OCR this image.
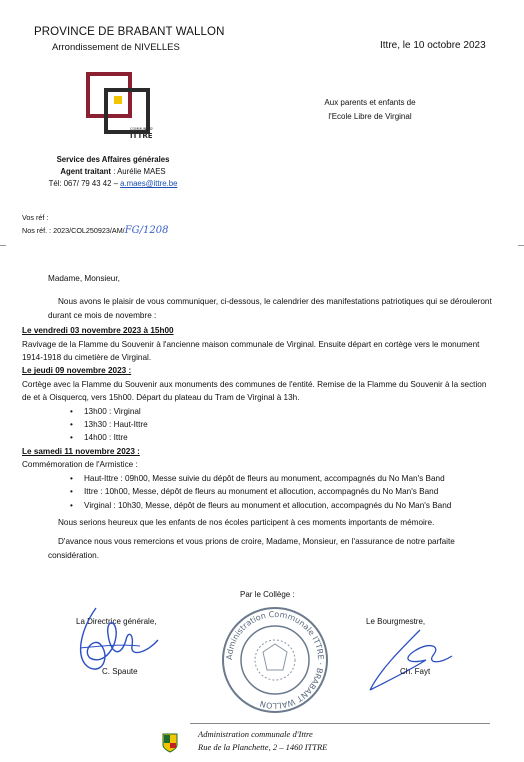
PROVINCE DE BRABANT WALLON
Arrondissement de NIVELLES	Ittre, le 10 octobre 2023
COMMUNE D'
ITTRE
Aux parents et enfants de
l'Ecole Libre de Virginal
Service des Affaires générales
Agent traitant : Aurélie MAES
Tél: 067/ 79 43 42 – a.maes@ittre.be
Vos réf :
Nos réf. : 2023/COL250923/AM/FG/1208

Madame, Monsieur,

Nous avons le plaisir de vous communiquer, ci-dessous, le calendrier des manifestations patriotiques qui se dérouleront durant ce mois de novembre :

Le vendredi 03 novembre 2023 à 15h00

Ravivage de la Flamme du Souvenir à l'ancienne maison communale de Virginal. Ensuite départ en cortège vers le monument 1914-1918 du cimetière de Virginal.

Le jeudi 09 novembre 2023 :

Cortège avec la Flamme du Souvenir aux monuments des communes de l'entité. Remise de la Flamme du Souvenir à la section de et à Oisquercq, vers 15h00. Départ du plateau du Tram de Virginal à 13h.

• 13h00 : Virginal
• 13h30 : Haut-Ittre
• 14h00 : Ittre

Le samedi 11 novembre 2023 :

Commémoration de l'Armistice :

• Haut-Ittre : 09h00, Messe suivie du dépôt de fleurs au monument, accompagnés du No Man's Band
• Ittre : 10h00, Messe, dépôt de fleurs au monument et allocution, accompagnés du No Man's Band
• Virginal : 10h30, Messe, dépôt de fleurs au monument et allocution, accompagnés du No Man's Band

Nous serions heureux que les enfants de nos écoles participent à ces moments importants de mémoire.

D'avance nous vous remercions et vous prions de croire, Madame, Monsieur, en l'assurance de notre parfaite considération.

Par le Collège :
La Directrice générale,	Le Bourgmestre,
C. Spaute
Administration Communale ITTRE · BRABANT WALLON
Ch. Fayt
Administration communale d'Ittre
Rue de la Planchette, 2 – 1460 ITTRE
